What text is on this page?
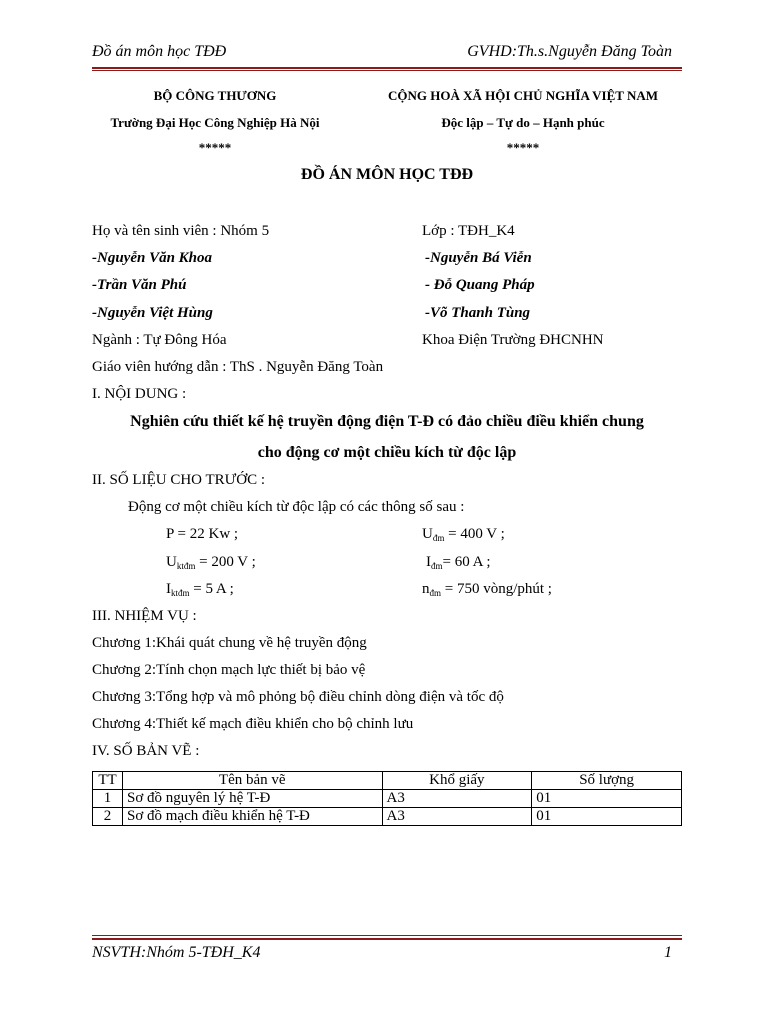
Đồ án môn học TĐĐ	GVHD:Th.s.Nguyễn Đăng Toàn
BỘ CÔNG THƯƠNG
Trường Đại Học Công Nghiệp Hà Nội
*****
CỘNG HOÀ XÃ HỘI CHỦ NGHĨA VIỆT NAM
Độc lập – Tự do – Hạnh phúc
*****
ĐỒ ÁN MÔN HỌC TĐĐ
Họ và tên sinh viên : Nhóm 5	Lớp : TĐH_K4
-Nguyễn Văn Khoa	-Nguyễn Bá Viễn
-Trần Văn Phú	- Đỗ Quang Pháp
-Nguyễn Việt Hùng	-Võ Thanh Tùng
Ngành : Tự Đông Hóa	Khoa Điện Trường ĐHCNHN
Giáo viên hướng dẫn : ThS . Nguyễn Đăng Toàn
I. NỘI DUNG :
Nghiên cứu thiết kế hệ truyền động điện T-Đ có đảo chiều điều khiển chung
cho động cơ một chiều kích từ độc lập
II. SỐ LIỆU CHO TRƯỚC :
Động cơ một chiều kích từ độc lập có các thông số sau :
P = 22 Kw ;	$U_{đm} = 400$ V ;
$U_{ktđm} = 200$ V ;	$I_{đm}= 60$ A ;
$I_{ktđm} = 5$ A ;	$n_{đm} = 750$ vòng/phút ;
III. NHIỆM VỤ :
Chương 1:Khái quát chung về hệ truyền động
Chương 2:Tính chọn mạch lực thiết bị bảo vệ
Chương 3:Tổng hợp và mô phỏng bộ điều chỉnh dòng điện và tốc độ
Chương 4:Thiết kế mạch điều khiển cho bộ chỉnh lưu
IV. SỐ BẢN VẼ :
TT	Tên bản vẽ	Khổ giấy	Số lượng
1	Sơ đồ nguyên lý hệ T-Đ	A3	01
2	Sơ đồ mạch điều khiển hệ T-Đ	A3	01
NSVTH:Nhóm 5-TĐH_K4	1
